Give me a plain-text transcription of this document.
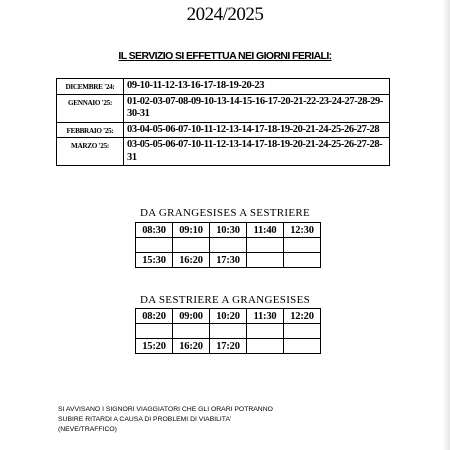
2024/2025
IL SERVIZIO SI EFFETTUA NEI GIORNI FERIALI:
DICEMBRE '24:	09-10-11-12-13-16-17-18-19-20-23
GENNAIO '25:	01-02-03-07-08-09-10-13-14-15-16-17-20-21-22-23-24-27-28-29-30-31
FEBBRAIO '25:	03-04-05-06-07-10-11-12-13-14-17-18-19-20-21-24-25-26-27-28
MARZO '25:	03-05-05-06-07-10-11-12-13-14-17-18-19-20-21-24-25-26-27-28-31
DA GRANGESISES A SESTRIERE
08:30	09:10	10:30	11:40	12:30

15:30	16:20	17:30		
DA SESTRIERE A GRANGESISES
08:20	09:00	10:20	11:30	12:20

15:20	16:20	17:20		
SI AVVISANO I SIGNORI VIAGGIATORI CHE GLI ORARI POTRANNO
SUBIRE RITARDI A CAUSA DI PROBLEMI DI VIABILITA'
(NEVE/TRAFFICO)
